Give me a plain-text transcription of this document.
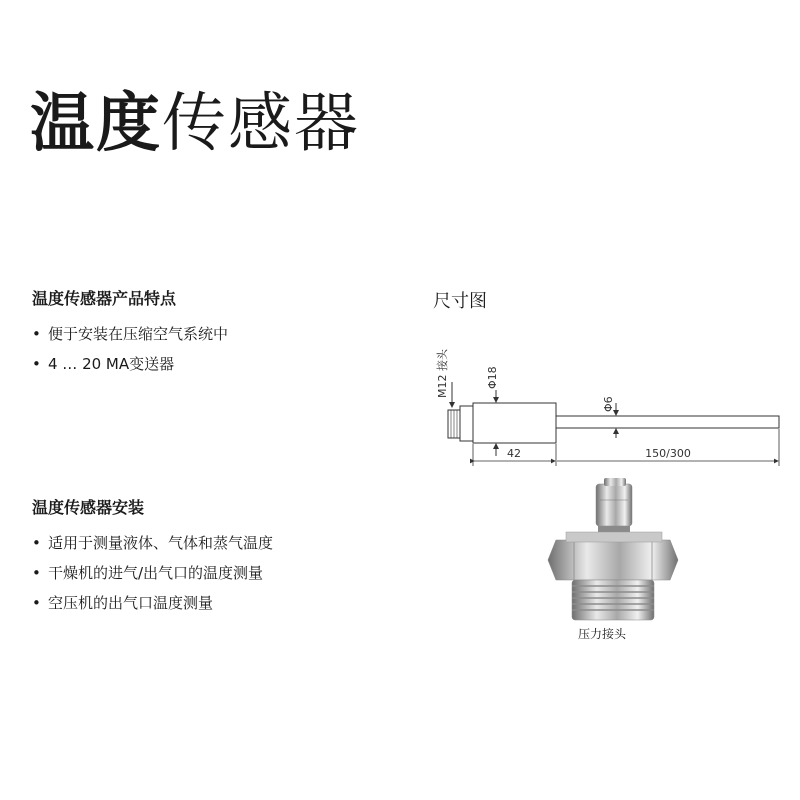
温度传感器
温度传感器产品特点
• 便于安装在压缩空气系统中
• 4 … 20 MA变送器
温度传感器安装
• 适用于测量液体、气体和蒸气温度
• 干燥机的进气/出气口的温度测量
• 空压机的出气口温度测量
尺寸图
M12 接头	Φ18
Φ6
42	150/300
压力接头
